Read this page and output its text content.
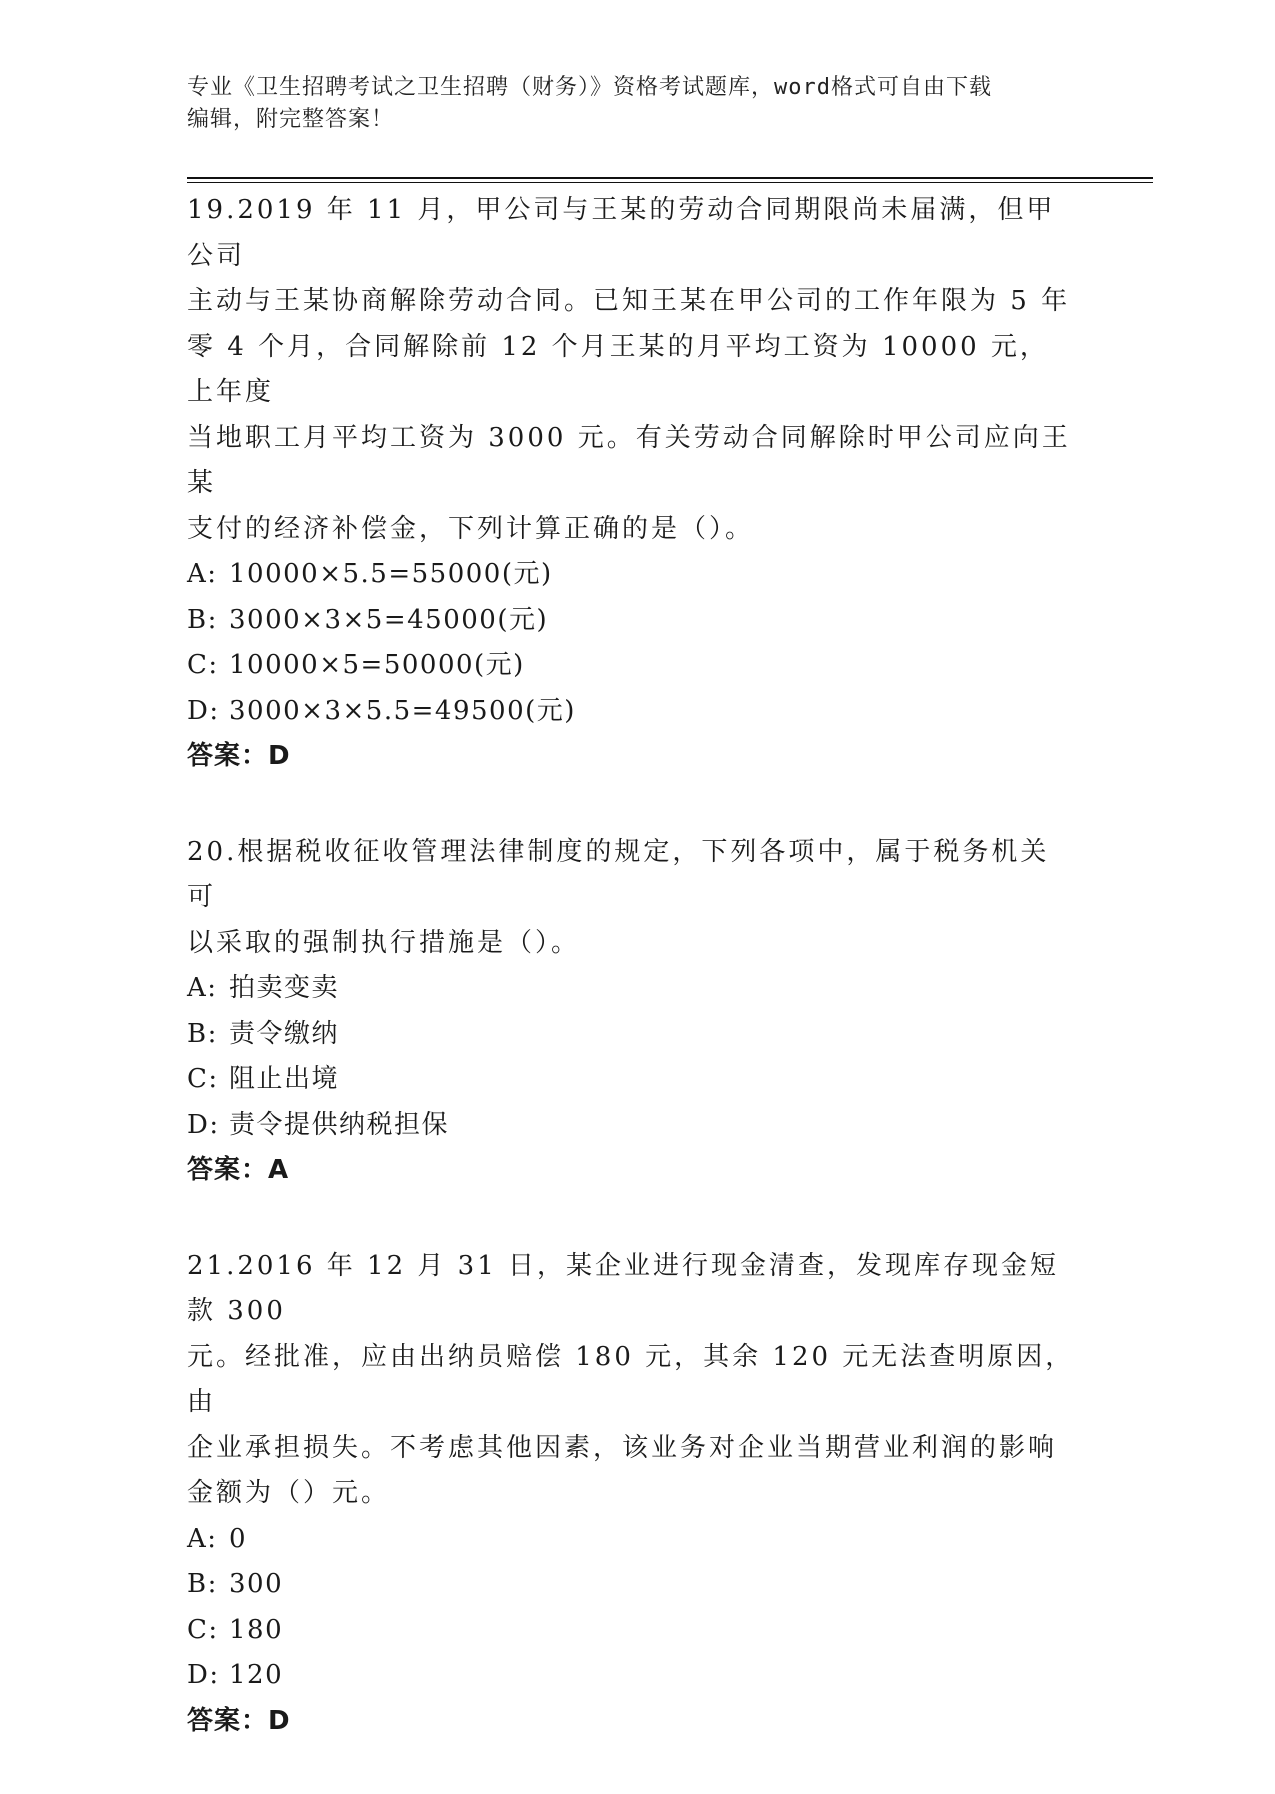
专业《卫生招聘考试之卫生招聘（财务）》资格考试题库，word格式可自由下载
编辑，附完整答案！
19.2019 年 11 月，甲公司与王某的劳动合同期限尚未届满，但甲公司
主动与王某协商解除劳动合同。已知王某在甲公司的工作年限为 5 年
零 4 个月，合同解除前 12 个月王某的月平均工资为 10000 元，上年度
当地职工月平均工资为 3000 元。有关劳动合同解除时甲公司应向王某
支付的经济补偿金，下列计算正确的是（）。
A: 10000×5.5=55000(元)
B: 3000×3×5=45000(元)
C: 10000×5=50000(元)
D: 3000×3×5.5=49500(元)
答案：D
20.根据税收征收管理法律制度的规定，下列各项中，属于税务机关可
以采取的强制执行措施是（）。
A: 拍卖变卖
B: 责令缴纳
C: 阻止出境
D: 责令提供纳税担保
答案：A
21.2016 年 12 月 31 日，某企业进行现金清查，发现库存现金短款 300
元。经批准，应由出纳员赔偿 180 元，其余 120 元无法查明原因，由
企业承担损失。不考虑其他因素，该业务对企业当期营业利润的影响
金额为（）元。
A: 0
B: 300
C: 180
D: 120
答案：D
